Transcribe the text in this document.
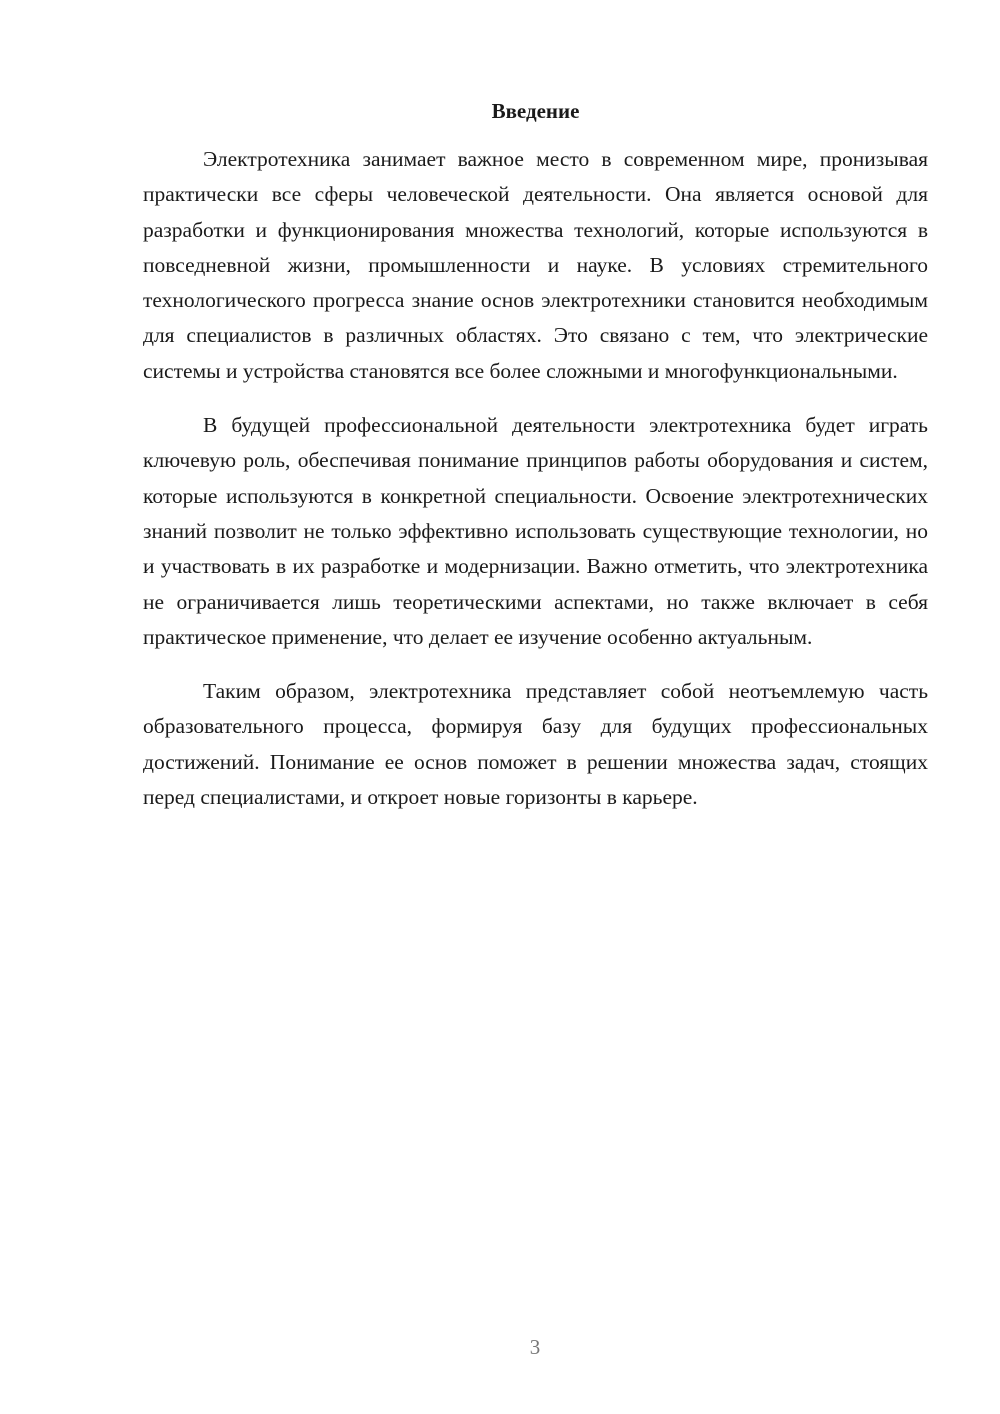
Введение

Электротехника занимает важное место в современном мире, пронизывая практически все сферы человеческой деятельности. Она является основой для разработки и функционирования множества технологий, которые используются в повседневной жизни, промышленности и науке. В условиях стремительного технологического прогресса знание основ электротехники становится необходимым для специалистов в различных областях. Это связано с тем, что электрические системы и устройства становятся все более сложными и многофункциональными.

В будущей профессиональной деятельности электротехника будет играть ключевую роль, обеспечивая понимание принципов работы оборудования и систем, которые используются в конкретной специальности. Освоение электротехнических знаний позволит не только эффективно использовать существующие технологии, но и участвовать в их разработке и модернизации. Важно отметить, что электротехника не ограничивается лишь теоретическими аспектами, но также включает в себя практическое применение, что делает ее изучение особенно актуальным.

Таким образом, электротехника представляет собой неотъемлемую часть образовательного процесса, формируя базу для будущих профессиональных достижений. Понимание ее основ поможет в решении множества задач, стоящих перед специалистами, и откроет новые горизонты в карьере.

3
